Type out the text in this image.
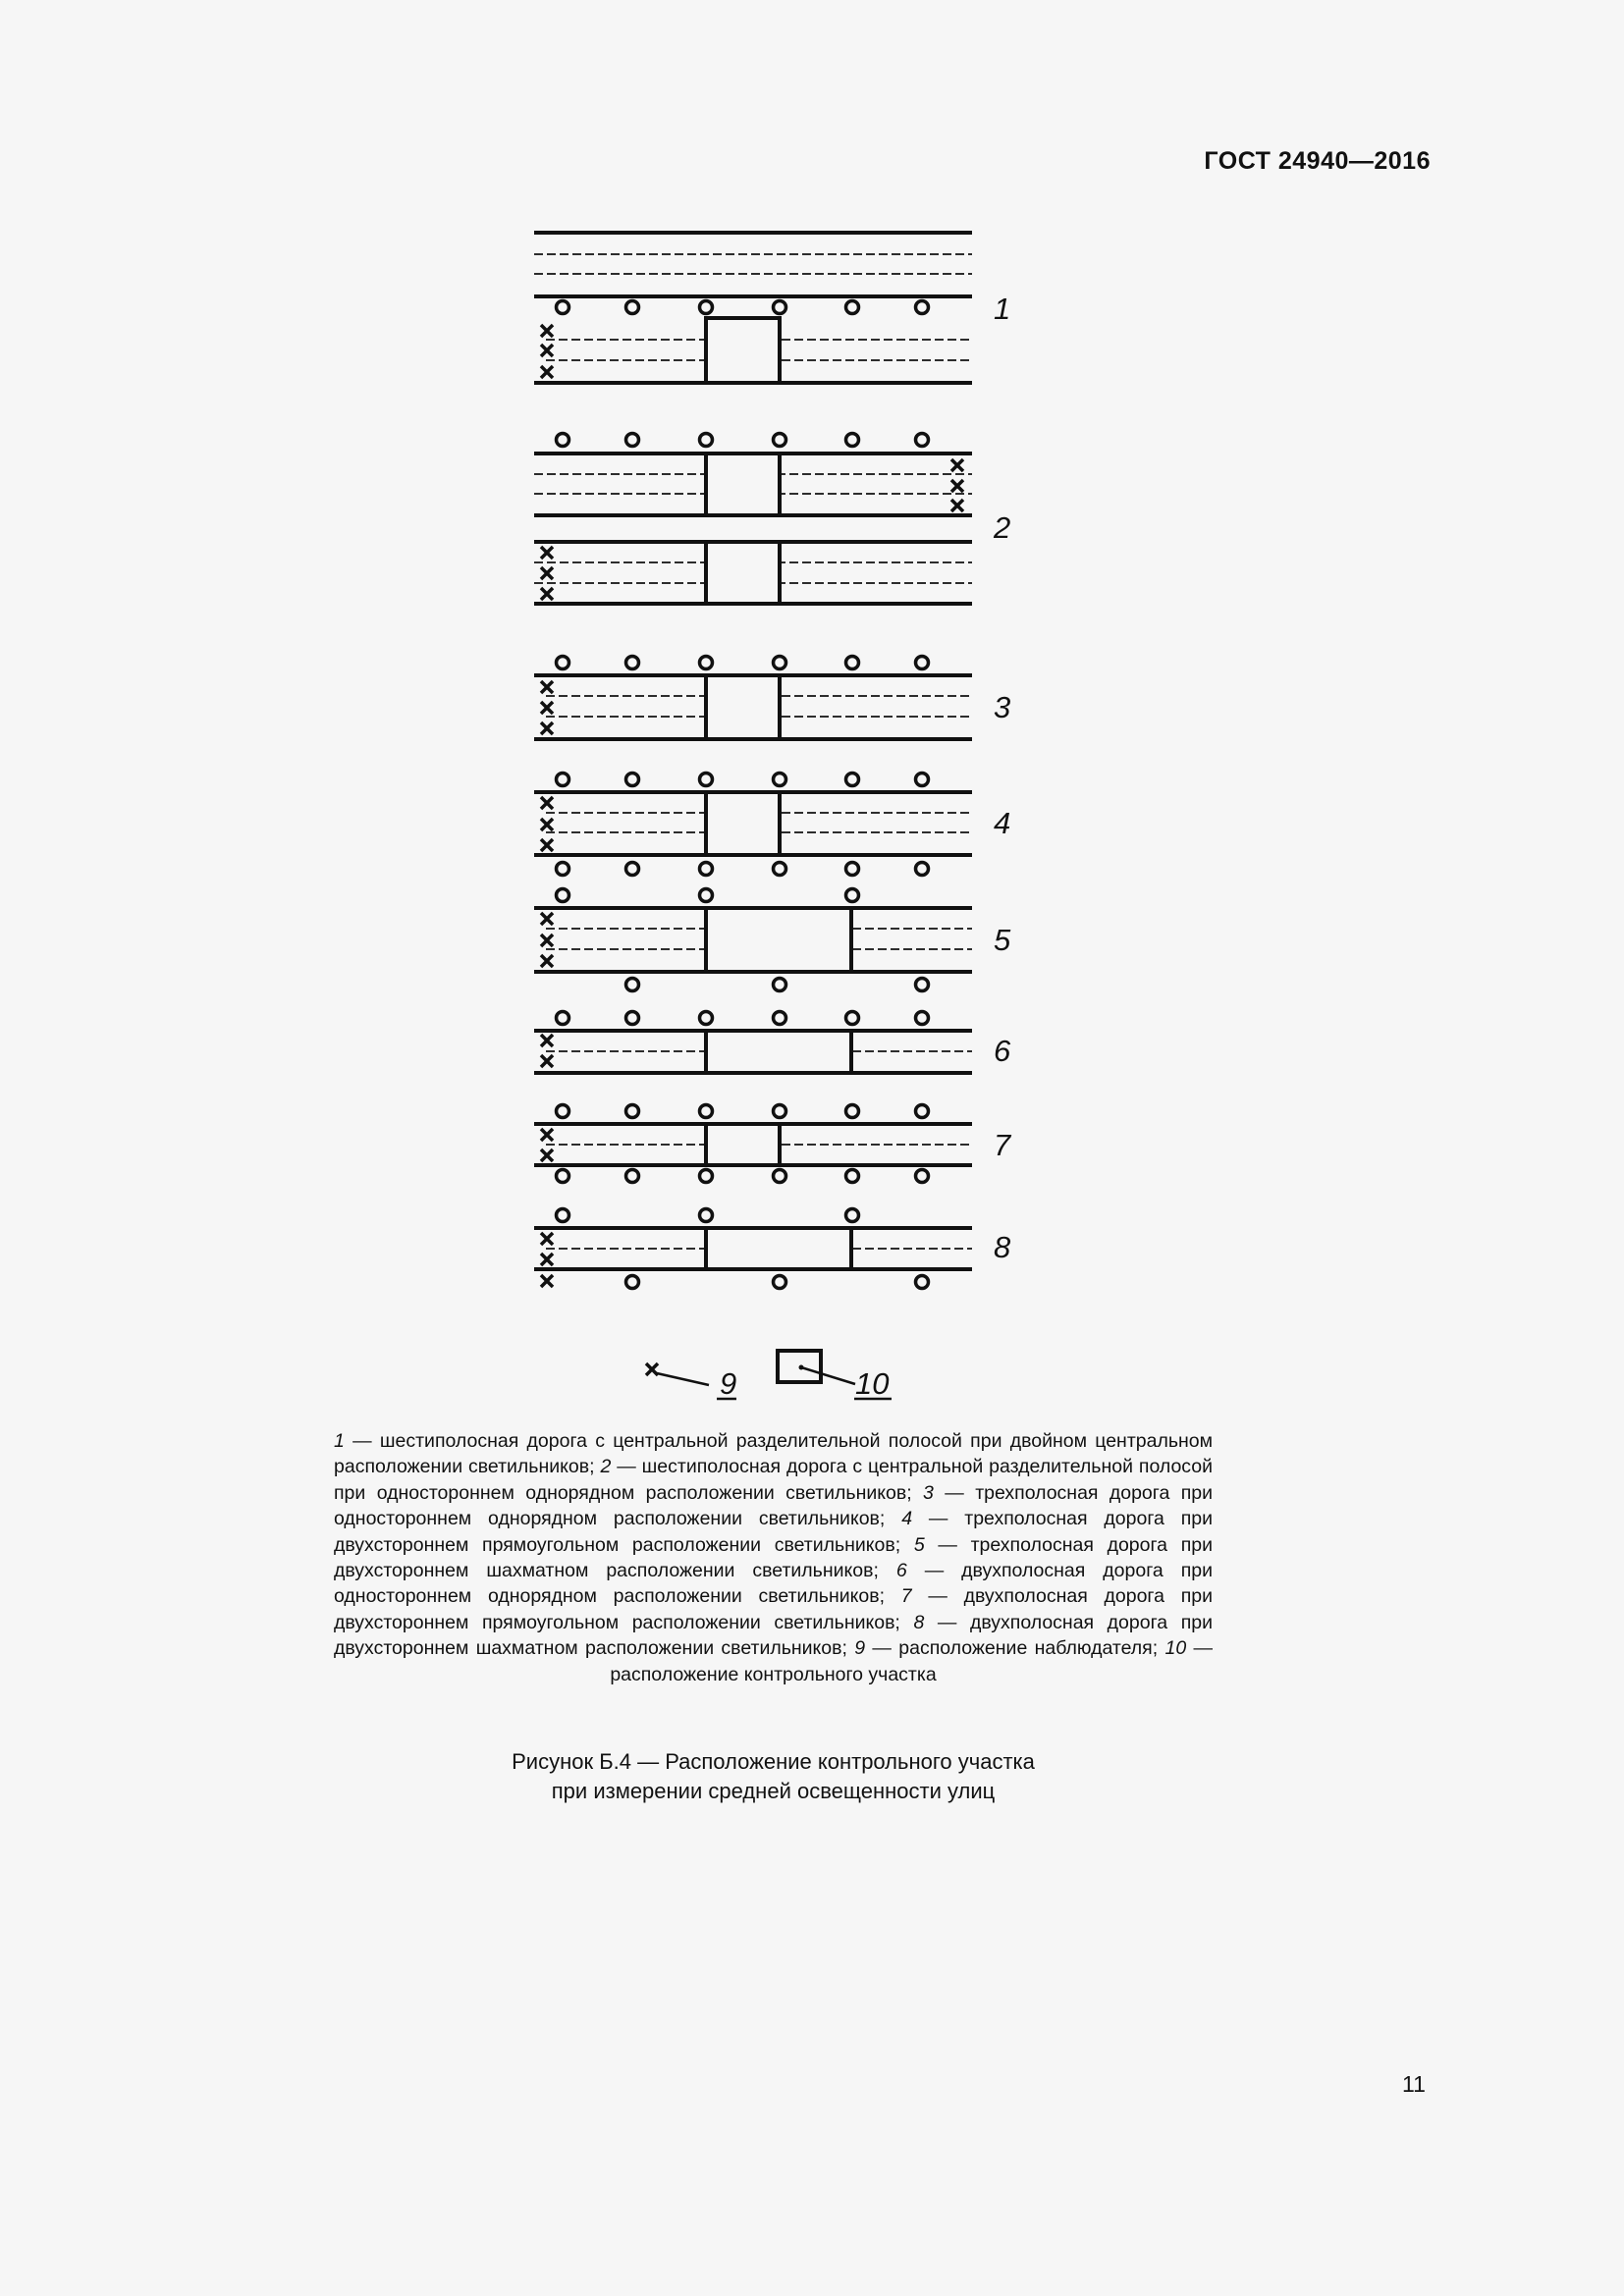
ГОСТ 24940—2016
1
2
3
4
5
6
7
8
9	10
1 — шестиполосная дорога с центральной разделительной полосой при двойном центральном расположении светильников; 2 — шестиполосная дорога с центральной разделительной полосой при одностороннем однорядном расположении светильников; 3 — трехполосная дорога при одностороннем однорядном расположении светильников; 4 — трехполосная дорога при двухстороннем прямоугольном расположении светильников; 5 — трехполосная дорога при двухстороннем шахматном расположении светильников; 6 — двухполосная дорога при одностороннем однорядном расположении светильников; 7 — двухполосная дорога при двухстороннем прямоугольном расположении светильников; 8 — двухполосная дорога при двухстороннем шахматном расположении светильников; 9 — расположение наблюдателя; 10 — расположение контрольного участка
Рисунок Б.4 — Расположение контрольного участка
при измерении средней освещенности улиц
11
